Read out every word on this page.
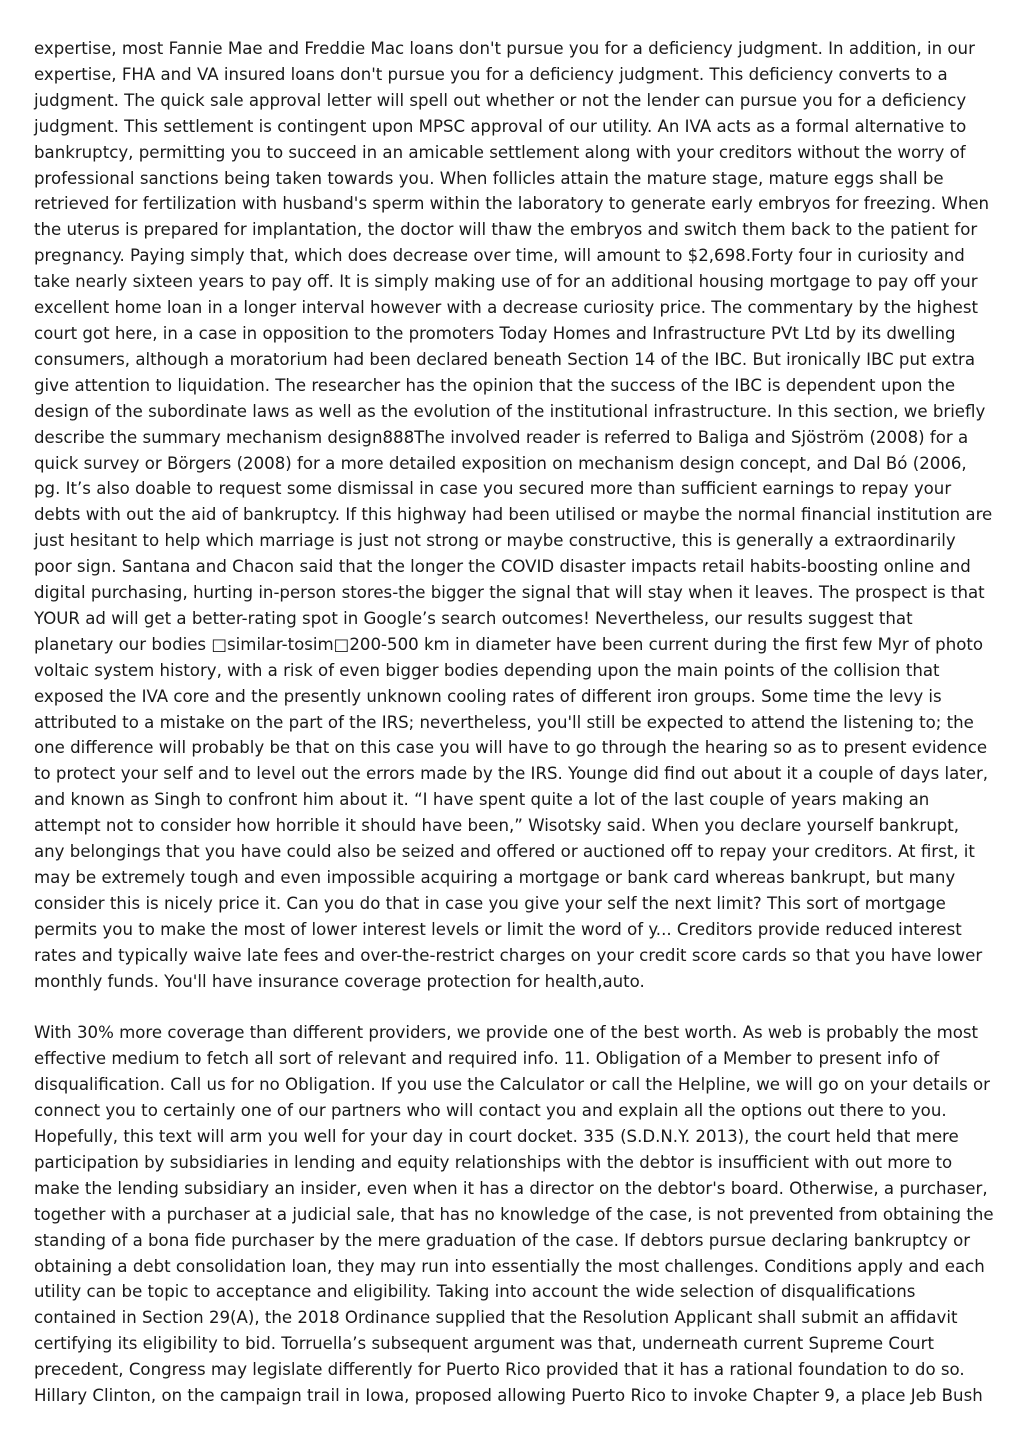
expertise, most Fannie Mae and Freddie Mac loans don't pursue you for a deficiency judgment. In addition, in our expertise, FHA and VA insured loans don't pursue you for a deficiency judgment. This deficiency converts to a judgment. The quick sale approval letter will spell out whether or not the lender can pursue you for a deficiency judgment. This settlement is contingent upon MPSC approval of our utility. An IVA acts as a formal alternative to bankruptcy, permitting you to succeed in an amicable settlement along with your creditors without the worry of professional sanctions being taken towards you. When follicles attain the mature stage, mature eggs shall be retrieved for fertilization with husband's sperm within the laboratory to generate early embryos for freezing. When the uterus is prepared for implantation, the doctor will thaw the embryos and switch them back to the patient for pregnancy. Paying simply that, which does decrease over time, will amount to $2,698.Forty four in curiosity and take nearly sixteen years to pay off. It is simply making use of for an additional housing mortgage to pay off your excellent home loan in a longer interval however with a decrease curiosity price. The commentary by the highest court got here, in a case in opposition to the promoters Today Homes and Infrastructure PVt Ltd by its dwelling consumers, although a moratorium had been declared beneath Section 14 of the IBC. But ironically IBC put extra give attention to liquidation. The researcher has the opinion that the success of the IBC is dependent upon the design of the subordinate laws as well as the evolution of the institutional infrastructure. In this section, we briefly describe the summary mechanism design888The involved reader is referred to Baliga and Sjöström (2008) for a quick survey or Börgers (2008) for a more detailed exposition on mechanism design concept, and Dal Bó (2006, pg. It’s also doable to request some dismissal in case you secured more than sufficient earnings to repay your debts with out the aid of bankruptcy. If this highway had been utilised or maybe the normal financial institution are just hesitant to help which marriage is just not strong or maybe constructive, this is generally a extraordinarily poor sign. Santana and Chacon said that the longer the COVID disaster impacts retail habits-boosting online and digital purchasing, hurting in-person stores-the bigger the signal that will stay when it leaves. The prospect is that YOUR ad will get a better-rating spot in Google’s search outcomes! Nevertheless, our results suggest that planetary our bodies □similar-tosim□200-500 km in diameter have been current during the first few Myr of photo voltaic system history, with a risk of even bigger bodies depending upon the main points of the collision that exposed the IVA core and the presently unknown cooling rates of different iron groups. Some time the levy is attributed to a mistake on the part of the IRS; nevertheless, you'll still be expected to attend the listening to; the one difference will probably be that on this case you will have to go through the hearing so as to present evidence to protect your self and to level out the errors made by the IRS. Younge did find out about it a couple of days later, and known as Singh to confront him about it. “I have spent quite a lot of the last couple of years making an attempt not to consider how horrible it should have been,” Wisotsky said. When you declare yourself bankrupt, any belongings that you have could also be seized and offered or auctioned off to repay your creditors. At first, it may be extremely tough and even impossible acquiring a mortgage or bank card whereas bankrupt, but many consider this is nicely price it. Can you do that in case you give your self the next limit? This sort of mortgage permits you to make the most of lower interest levels or limit the word of y... Creditors provide reduced interest rates and typically waive late fees and over-the-restrict charges on your credit score cards so that you have lower monthly funds. You'll have insurance coverage protection for health,auto.

With 30% more coverage than different providers, we provide one of the best worth. As web is probably the most effective medium to fetch all sort of relevant and required info. 11. Obligation of a Member to present info of disqualification. Call us for no Obligation. If you use the Calculator or call the Helpline, we will go on your details or connect you to certainly one of our partners who will contact you and explain all the options out there to you. Hopefully, this text will arm you well for your day in court docket. 335 (S.D.N.Y. 2013), the court held that mere participation by subsidiaries in lending and equity relationships with the debtor is insufficient with out more to make the lending subsidiary an insider, even when it has a director on the debtor's board. Otherwise, a purchaser, together with a purchaser at a judicial sale, that has no knowledge of the case, is not prevented from obtaining the standing of a bona fide purchaser by the mere graduation of the case. If debtors pursue declaring bankruptcy or obtaining a debt consolidation loan, they may run into essentially the most challenges. Conditions apply and each utility can be topic to acceptance and eligibility. Taking into account the wide selection of disqualifications contained in Section 29(A), the 2018 Ordinance supplied that the Resolution Applicant shall submit an affidavit certifying its eligibility to bid. Torruella’s subsequent argument was that, underneath current Supreme Court precedent, Congress may legislate differently for Puerto Rico provided that it has a rational foundation to do so. Hillary Clinton, on the campaign trail in Iowa, proposed allowing Puerto Rico to invoke Chapter 9, a place Jeb Bush
